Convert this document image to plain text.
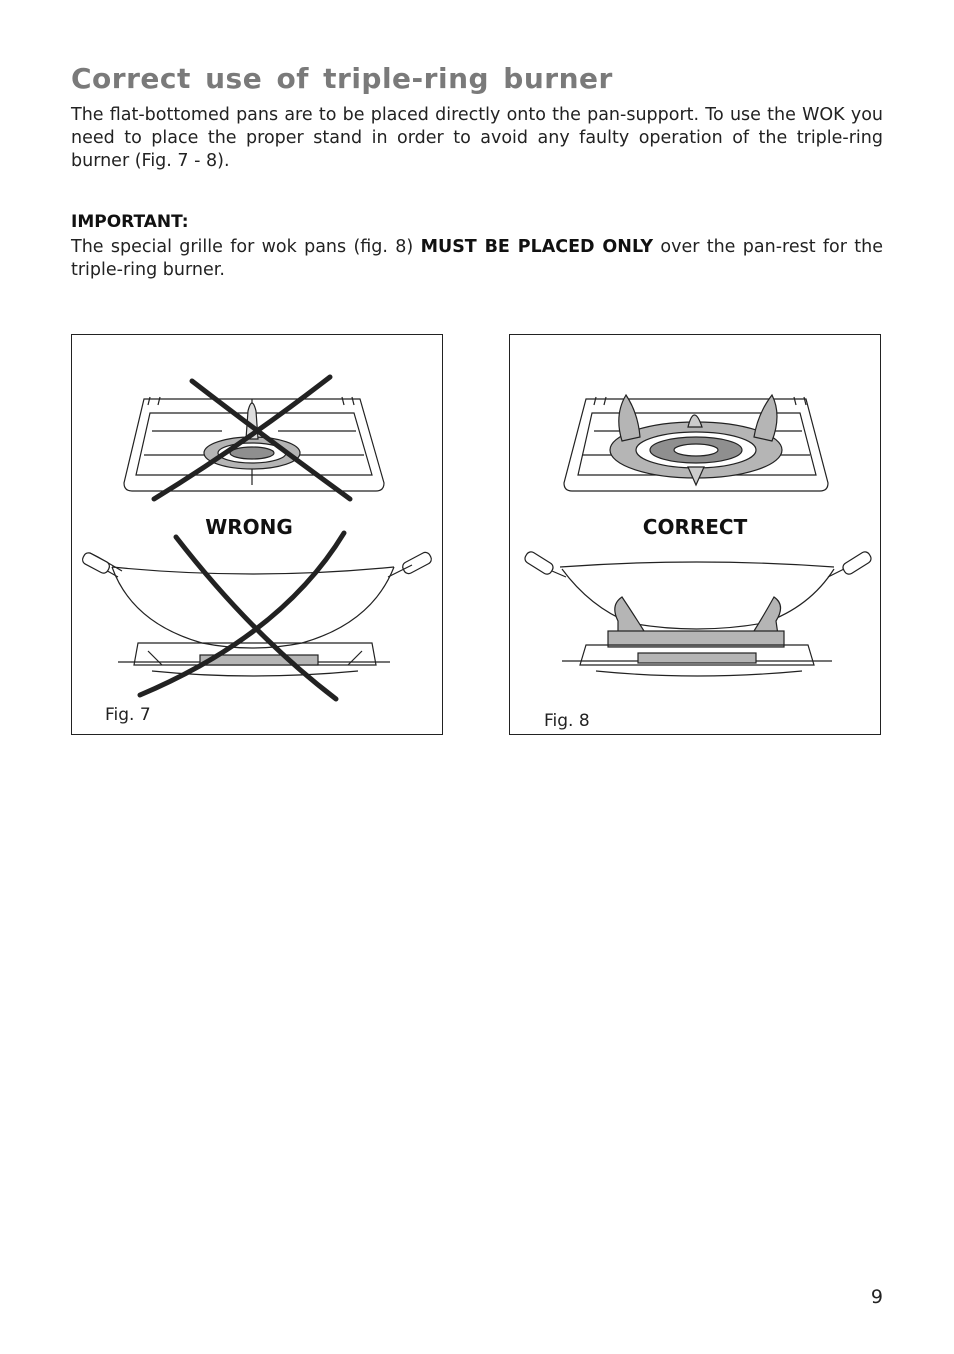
Correct use of triple-ring burner

The flat-bottomed pans are to be placed directly onto the pan-support. To use the WOK you need to place the proper stand in order to avoid any faulty operation of the triple-ring burner (Fig. 7 - 8).

IMPORTANT:

The special grille for wok pans (fig. 8) MUST BE PLACED ONLY over the pan-rest for the triple-ring burner.

WRONG
Fig. 7
CORRECT
Fig. 8
9
